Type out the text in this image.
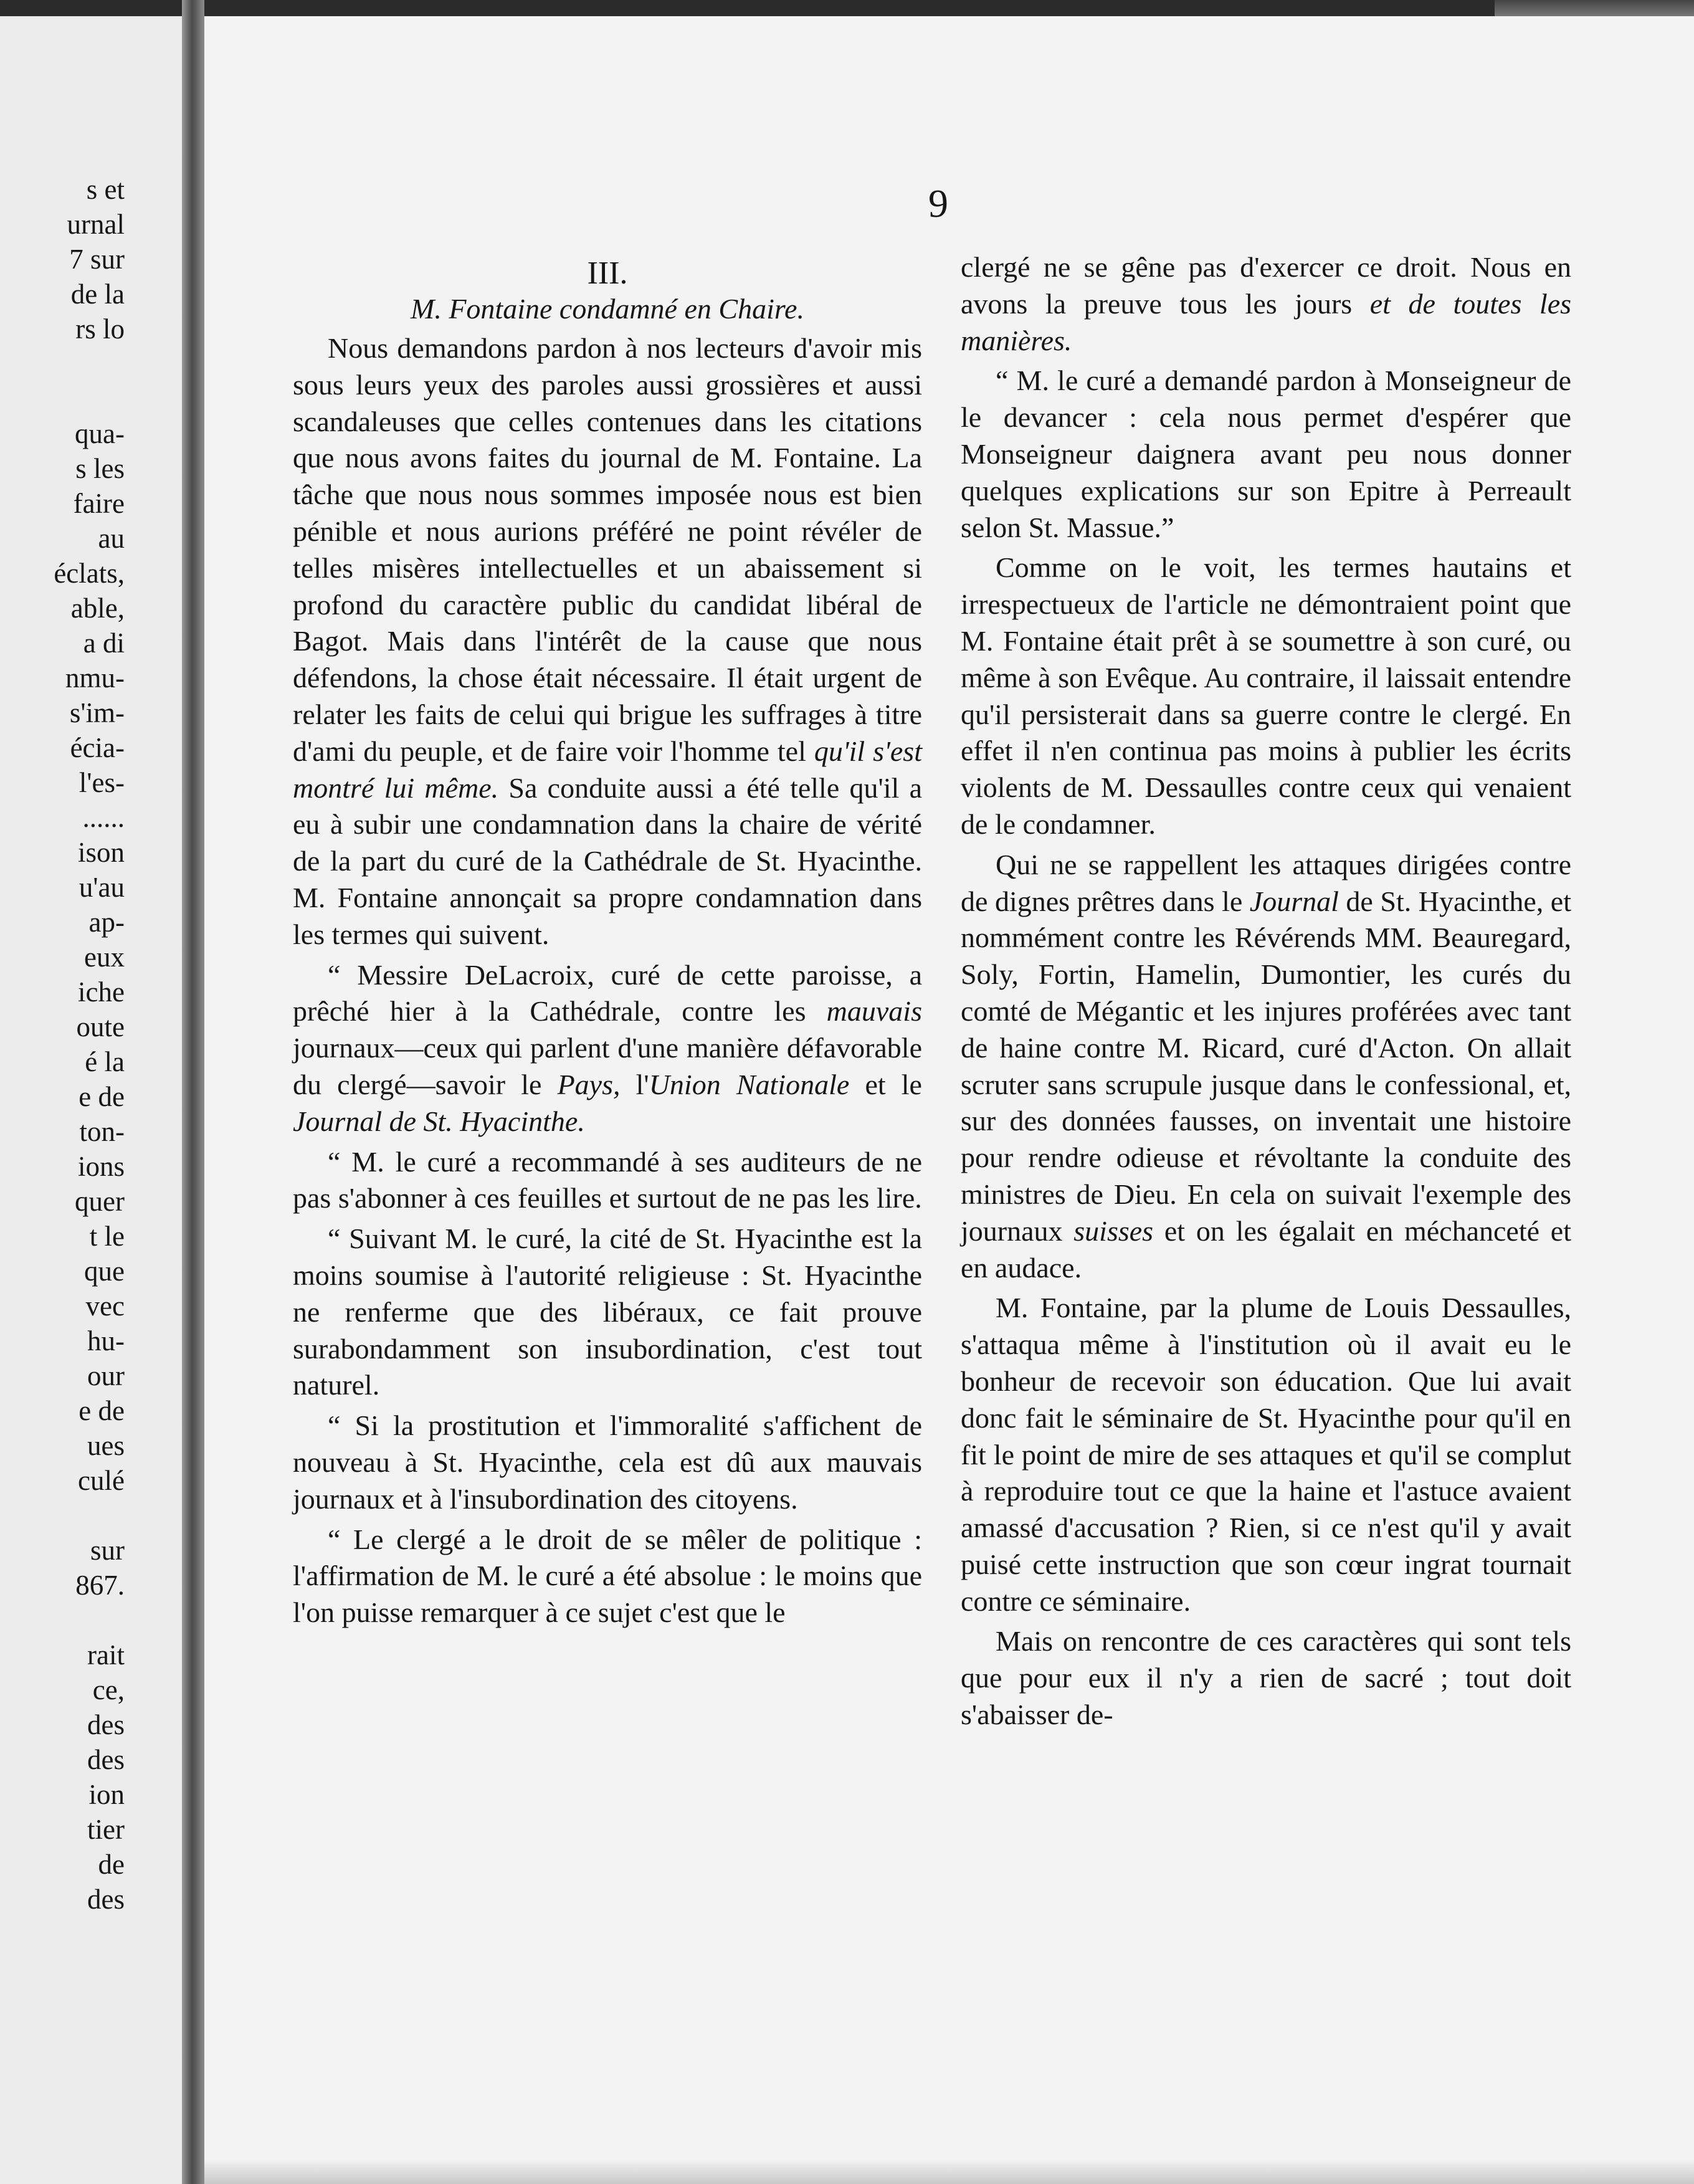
s et
urnal
7 sur
de la
rs lo
quа-
s les
faire
au
éclats,
able,
a di
nmu-
s'im-
écia-
l'es-
......
ison
u'au
ap-
eux
iche
oute
é la
e de
ton-
ions
quer
t le
que
vec
hu-
our
e de
ues
culé
sur
867.
rait
ce,
des
des
ion
tier
de
des
9
III.
M. Fontaine condamné en Chaire.

Nous demandons pardon à nos lecteurs d'avoir mis sous leurs yeux des paroles aussi grossières et aussi scandaleuses que celles contenues dans les citations que nous avons faites du journal de M. Fontaine. La tâche que nous nous sommes imposée nous est bien pénible et nous aurions préféré ne point révéler de telles misères intellectuelles et un abaissement si profond du caractère public du candidat libéral de Bagot. Mais dans l'intérêt de la cause que nous défendons, la chose était nécessaire. Il était urgent de relater les faits de celui qui brigue les suffrages à titre d'ami du peuple, et de faire voir l'homme tel qu'il s'est montré lui même. Sa conduite aussi a été telle qu'il a eu à subir une condamnation dans la chaire de vérité de la part du curé de la Cathédrale de St. Hyacinthe. M. Fontaine annonçait sa propre condamnation dans les termes qui suivent.

“ Messire DeLacroix, curé de cette paroisse, a prêché hier à la Cathédrale, contre les mauvais journaux—ceux qui parlent d'une manière défavorable du clergé—savoir le Pays, l'Union Nationale et le Journal de St. Hyacinthe.

“ M. le curé a recommandé à ses auditeurs de ne pas s'abonner à ces feuilles et surtout de ne pas les lire.

“ Suivant M. le curé, la cité de St. Hyacinthe est la moins soumise à l'autorité religieuse : St. Hyacinthe ne renferme que des libéraux, ce fait prouve surabondamment son insubordination, c'est tout naturel.

“ Si la prostitution et l'immoralité s'affichent de nouveau à St. Hyacinthe, cela est dû aux mauvais journaux et à l'insubordination des citoyens.

“ Le clergé a le droit de se mêler de politique : l'affirmation de M. le curé a été absolue : le moins que l'on puisse remarquer à ce sujet c'est que le

clergé ne se gêne pas d'exercer ce droit. Nous en avons la preuve tous les jours et de toutes les manières.

“ M. le curé a demandé pardon à Monseigneur de le devancer : cela nous permet d'espérer que Monseigneur daignera avant peu nous donner quelques explications sur son Epitre à Perreault selon St. Massue.”

Comme on le voit, les termes hautains et irrespectueux de l'article ne démontraient point que M. Fontaine était prêt à se soumettre à son curé, ou même à son Evêque. Au contraire, il laissait entendre qu'il persisterait dans sa guerre contre le clergé. En effet il n'en continua pas moins à publier les écrits violents de M. Dessaulles contre ceux qui venaient de le condamner.

Qui ne se rappellent les attaques dirigées contre de dignes prêtres dans le Journal de St. Hyacinthe, et nommément contre les Révérends MM. Beauregard, Soly, Fortin, Hamelin, Dumontier, les curés du comté de Mégantic et les injures proférées avec tant de haine contre M. Ricard, curé d'Acton. On allait scruter sans scrupule jusque dans le confessional, et, sur des données fausses, on inventait une histoire pour rendre odieuse et révoltante la conduite des ministres de Dieu. En cela on suivait l'exemple des journaux suisses et on les égalait en méchanceté et en audace.

M. Fontaine, par la plume de Louis Dessaulles, s'attaqua même à l'institution où il avait eu le bonheur de recevoir son éducation. Que lui avait donc fait le séminaire de St. Hyacinthe pour qu'il en fit le point de mire de ses attaques et qu'il se complut à reproduire tout ce que la haine et l'astuce avaient amassé d'accusation ? Rien, si ce n'est qu'il y avait puisé cette instruction que son cœur ingrat tournait contre ce séminaire.

Mais on rencontre de ces caractères qui sont tels que pour eux il n'y a rien de sacré ; tout doit s'abaisser de-
